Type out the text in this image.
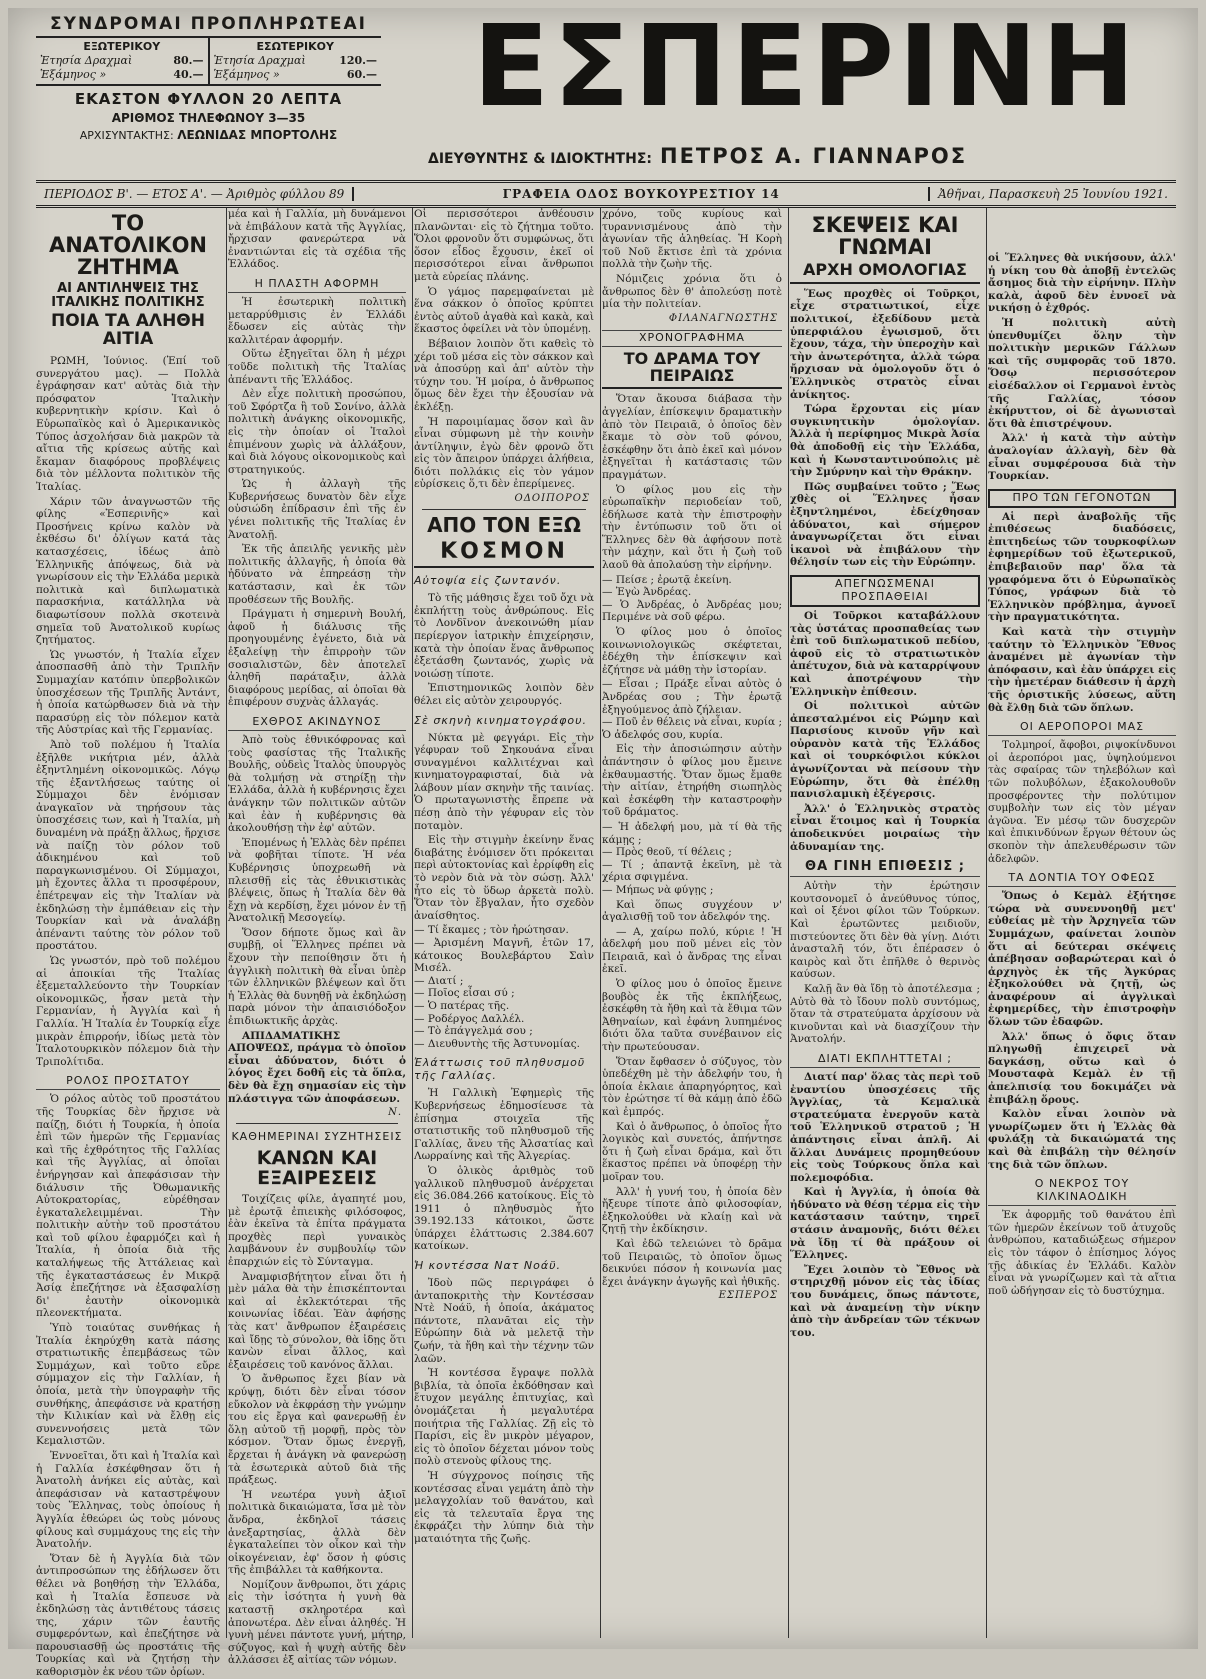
ΣΥΝΔΡΟΜΑΙ ΠΡΟΠΛΗΡΩΤΕΑΙ
ΕΞΩΤΕΡΙΚΟΥ
Ἐτησία Δραχμαὶ	80.—
Ἑξάμηνος »	40.—
ΕΣΩΤΕΡΙΚΟΥ
Ἐτησία Δραχμαὶ	120.—
Ἑξάμηνος »	60.—
ΕΚΑΣΤΟΝ ΦΥΛΛΟΝ 20 ΛΕΠΤΑ
ΑΡΙΘΜΟΣ ΤΗΛΕΦΩΝΟΥ 3—35
ΑΡΧΙΣΥΝΤΑΚΤΗΣ: ΛΕΩΝΙΔΑΣ ΜΠΟΡΤΟΛΗΣ
ΕΣΠΕΡΙΝΗ
ΔΙΕΥΘΥΝΤΗΣ & ΙΔΙΟΚΤΗΤΗΣ: ΠΕΤΡΟΣ Α. ΓΙΑΝΝΑΡΟΣ
ΠΕΡΙΟΔΟΣ Β'. — ΕΤΟΣ Α'. — Ἀριθμὸς φύλλου 89	ΓΡΑΦΕΙΑ ΟΔΟΣ ΒΟΥΚΟΥΡΕΣΤΙΟΥ 14	Ἀθῆναι, Παρασκευὴ 25 Ἰουνίου 1921.
ΤΟ ΑΝΑΤΟΛΙΚΟΝ ΖΗΤΗΜΑ
ΑΙ ΑΝΤΙΛΗΨΕΙΣ ΤΗΣ ΙΤΑΛΙΚΗΣ ΠΟΛΙΤΙΚΗΣ
ΠΟΙΑ ΤΑ ΑΛΗΘΗ ΑΙΤΙΑ

ΡΩΜΗ, Ἰούνιος. (Ἐπί τοῦ συνεργάτου μας). — Πολλὰ ἐγράφησαν κατ' αὐτὰς διὰ τὴν πρόσφατον Ἰταλικὴν κυβερνητικὴν κρίσιν. Καὶ ὁ Εὐρωπαϊκὸς καὶ ὁ Ἀμερικανικὸς Τύπος ἀσχολήσαν διὰ μακρῶν τὰ αἴτια τῆς κρίσεως αὐτῆς καὶ ἔκαμαν διαφόρους προβλέψεις διὰ τὸν μέλλοντα πολιτικὸν τῆς Ἰταλίας.

Χάριν τῶν ἀναγνωστῶν τῆς φίλης «Ἑσπερινῆς» καὶ Προσήνεις κρίνω καλὸν νὰ ἐκθέσω δι' ὀλίγων κατά τὰς κατασχέσεις, ἰδέως ἀπὸ Ἑλληνικῆς ἀπόψεως, διὰ νὰ γνωρίσουν εἰς τὴν Ἑλλάδα μερικὰ πολιτικὰ καὶ διπλωματικὰ παρασκήνια, κατάλληλα νὰ διαφωτίσουν πολλὰ σκοτεινὰ σημεῖα τοῦ Ἀνατολικοῦ κυρίως ζητήματος.

Ὡς γνωστόν, ἡ Ἰταλία εἶχεν ἀποσπασθῆ ἀπὸ τὴν Τριπλῆν Συμμαχίαν κατόπιν ὑπερβολικῶν ὑποσχέσεων τῆς Τριπλῆς Ἀντάντ, ἡ ὁποία κατώρθωσεν διὰ νὰ τὴν παρασύρῃ εἰς τὸν πόλεμον κατὰ τῆς Αὐστρίας καὶ τῆς Γερμανίας.

Ἀπὸ τοῦ πολέμου ἡ Ἰταλία ἐξῆλθε νικήτρια μέν, ἀλλὰ ἐξηντλημένη οἰκονομικῶς. Λόγῳ τῆς ἐξαντλήσεως ταύτης οἱ Σύμμαχοι δὲν ἐνόμισαν ἀναγκαῖον νὰ τηρήσουν τὰς ὑποσχέσεις των, καὶ ἡ Ἰταλία, μὴ δυναμένη νὰ πράξῃ ἄλλως, ἤρχισε νὰ παίζῃ τὸν ρόλον τοῦ ἀδικημένου καὶ τοῦ παραγκωνισμένου. Οἱ Σύμμαχοι, μὴ ἔχοντες ἄλλα τι προσφέρουν, ἐπέτρεψαν εἰς τὴν Ἰταλίαν νὰ ἐκδηλώσῃ τὴν ἐμπάθειαν εἰς τὴν Τουρκίαν καὶ νὰ ἀναλάβῃ ἀπέναντι ταύτης τὸν ρόλον τοῦ προστάτου.

Ὡς γνωστόν, πρὸ τοῦ πολέμου αἱ ἀποικίαι τῆς Ἰταλίας ἐξεμεταλλεύοντο τὴν Τουρκίαν οἰκονομικῶς, ἦσαν μετὰ τὴν Γερμανίαν, ἡ Ἀγγλία καὶ ἡ Γαλλία. Ἡ Ἰταλία ἐν Τουρκίᾳ εἶχε μικρὰν ἐπιρροήν, ἰδίως μετὰ τὸν Ἰταλοτουρκικὸν πόλεμον διὰ τὴν Τριπολίτιδα.

ΡΟΛΟΣ ΠΡΟΣΤΑΤΟΥ

Ὁ ρόλος αὐτὸς τοῦ προστάτου τῆς Τουρκίας δὲν ἤρχισε νὰ παίζῃ, διότι ἡ Τουρκία, ἡ ὁποία ἐπὶ τῶν ἡμερῶν τῆς Γερμανίας καὶ τῆς ἐχθρότητος τῆς Γαλλίας καὶ τῆς Ἀγγλίας, αἱ ὁποῖαι ἐνήργησαν καὶ ἀπεφάσισαν τὴν διάλυσιν τῆς Ὀθωμανικῆς Αὐτοκρατορίας, εὑρέθησαν ἐγκαταλελειμμέναι. Τὴν πολιτικὴν αὐτὴν τοῦ προστάτου καὶ τοῦ φίλου ἐφαρμόζει καὶ ἡ Ἰταλία, ἡ ὁποία διὰ τῆς καταλήψεως τῆς Ἀττάλειας καὶ τῆς ἐγκαταστάσεως ἐν Μικρᾷ Ἀσίᾳ ἐπεζήτησε νὰ ἐξασφαλίσῃ δι' ἑαυτὴν οἰκονομικὰ πλεονεκτήματα.

Ὑπὸ τοιαύτας συνθήκας ἡ Ἰταλία ἐκηρύχθη κατὰ πάσης στρατιωτικῆς ἐπεμβάσεως τῶν Συμμάχων, καὶ τοῦτο εὔρε σύμμαχον εἰς τὴν Γαλλίαν, ἡ ὁποία, μετὰ τὴν ὑπογραφὴν τῆς συνθήκης, ἀπεφάσισε νὰ κρατήσῃ τὴν Κιλικίαν καὶ νὰ ἔλθῃ εἰς συνεννοήσεις μετὰ τῶν Κεμαλιστῶν.

Ἐννοεῖται, ὅτι καὶ ἡ Ἰταλία καὶ ἡ Γαλλία ἐσκέφθησαν ὅτι ἡ Ἀνατολὴ ἀνήκει εἰς αὐτὰς, καὶ ἀπεφάσισαν νὰ καταστρέψουν τοὺς Ἕλληνας, τοὺς ὁποίους ἡ Ἀγγλία ἐθεώρει ὡς τοὺς μόνους φίλους καὶ συμμάχους της εἰς τὴν Ἀνατολήν.

Ὅταν δὲ ἡ Ἀγγλία διὰ τῶν ἀντιπροσώπων της ἐδήλωσεν ὅτι θέλει νὰ βοηθήσῃ τὴν Ἑλλάδα, καὶ ἡ Ἰταλία ἔσπευσε νὰ ἐκδηλώσῃ τὰς ἀντιθέτους τάσεις της, χάριν τῶν ἑαυτῆς συμφερόντων, καὶ ἐπεζήτησε νὰ παρουσιασθῇ ὡς προστάτις τῆς Τουρκίας καὶ νὰ ζητήσῃ τὴν καθορισμὸν ἐκ νέου τῶν ὁρίων.

μέα καὶ ἡ Γαλλία, μὴ δυνάμενοι νὰ ἐπιβάλουν κατὰ τῆς Ἀγγλίας, ἤρχισαν φανερώτερα νὰ ἐναντιώνται εἰς τὰ σχέδια τῆς Ἑλλάδος.

Η ΠΛΑΣΤΗ ΑΦΟΡΜΗ

Ἡ ἐσωτερικὴ πολιτικὴ μεταρρύθμισις ἐν Ἑλλάδι ἔδωσεν εἰς αὐτὰς τὴν καλλιτέραν ἀφορμήν.

Οὕτω ἐξηγεῖται ὅλη ἡ μέχρι τοῦδε πολιτικὴ τῆς Ἰταλίας ἀπέναντι τῆς Ἑλλάδος.

Δὲν εἶχε πολιτικὴ προσώπου, τοῦ Σφόρτζα ἢ τοῦ Σονίνο, ἀλλὰ πολιτικὴ ἀνάγκης οἰκονομικῆς, εἰς τὴν ὁποίαν οἱ Ἰταλοὶ ἐπιμένουν χωρὶς νὰ ἀλλάξουν, καὶ διὰ λόγους οἰκονομικοὺς καὶ στρατηγικούς.

Ὡς ἡ ἀλλαγὴ τῆς Κυβερνήσεως δυνατὸν δὲν εἶχε οὐσιώδη ἐπίδρασιν ἐπὶ τῆς ἐν γένει πολιτικῆς τῆς Ἰταλίας ἐν Ἀνατολῇ.

Ἐκ τῆς ἀπειλῆς γενικῆς μὲν πολιτικῆς ἀλλαγῆς, ἡ ὁποία θὰ ἠδύνατο νὰ ἐπηρεάσῃ τὴν κατάστασιν, καὶ ἐκ τῶν προθέσεων τῆς Βουλῆς.

Πράγματι ἡ σημερινὴ Βουλή, ἀφοῦ ἡ διάλυσις τῆς προηγουμένης ἐγένετο, διὰ νὰ ἐξαλείψῃ τὴν ἐπιρροὴν τῶν σοσιαλιστῶν, δὲν ἀποτελεῖ ἀληθῆ παράταξιν, ἀλλὰ διαφόρους μερίδας, αἱ ὁποῖαι θὰ ἐπιφέρουν συχνὰς ἀλλαγάς.

ΕΧΘΡΟΣ ΑΚΙΝΔΥΝΟΣ

Ἀπὸ τοὺς ἐθνικόφρονας καὶ τοὺς φασίστας τῆς Ἰταλικῆς Βουλῆς, οὐδεὶς Ἰταλὸς ὑπουργὸς θὰ τολμήσῃ νὰ στηρίξῃ τὴν Ἑλλάδα, ἀλλὰ ἡ κυβέρνησις ἔχει ἀνάγκην τῶν πολιτικῶν αὐτῶν καὶ ἐὰν ἡ κυβέρνησις θὰ ἀκολουθήσῃ τὴν ἐφ' αὐτῶν.

Ἐπομένως ἡ Ἑλλὰς δὲν πρέπει νὰ φοβῆται τίποτε. Ἡ νέα Κυβέρνησις ὑποχρεωθῆ νὰ πλεισθῇ εἰς τὰς ἐθνικιστικὰς βλέψεις, ὅπως ἡ Ἰταλία δὲν θὰ ἔχῃ νὰ κερδίσῃ, ἔχει μόνον ἐν τῇ Ἀνατολικῇ Μεσογείῳ.

Ὅσον δήποτε ὅμως καὶ ἂν συμβῇ, οἱ Ἕλληνες πρέπει νὰ ἔχουν τὴν πεποίθησιν ὅτι ἡ ἀγγλικὴ πολιτικὴ θὰ εἶναι ὑπὲρ τῶν ἐλληνικῶν βλέψεων καὶ ὅτι ἡ Ἑλλὰς θὰ δυνηθῇ νὰ ἐκδηλώσῃ παρὰ μόνον τὴν ἀπαισιόδοξον ἐπιδιωκτικῆς ἀρχὰς.

ΑΠΙΔΑΜΑΤΙΚΗΣ ΑΠΟΨΕΩΣ, πράγμα τὸ ὁποῖον εἶναι ἀδύνατον, διότι ὁ λόγος ἔχει δοθῆ εἰς τὰ ὅπλα, δὲν θὰ ἔχῃ σημασίαν εἰς τὴν πλάστιγγα τῶν ἀποφάσεων.

Ν.
ΚΑΘΗΜΕΡΙΝΑΙ ΣΥΖΗΤΗΣΕΙΣ
ΚΑΝΩΝ ΚΑΙ ΕΞΑΙΡΕΣΕΙΣ

Τοιχίζεις φίλε, ἀγαπητέ μου, μὲ ἐρωτᾷ ἐπιεικὴς φιλόσοφος, ἐὰν ἐκεῖνα τὰ ἐπίτα πράγματα προχθὲς περὶ γυναικὸς λαμβάνουν ἐν συμβουλίῳ τῶν ἐπαρχιών εἰς τὸ Σύνταγμα.

Ἀναμφισβήτητον εἶναι ὅτι ἡ μὲν μάλα θὰ τὴν ἐπισκέπτονται καὶ αἱ ἐκλεκτότεραι τῆς κοινωνίας ἰδέαι. Ἐὰν ἀφήσῃς τὰς κατ' ἄνθρωπον ἐξαιρέσεις καὶ ἴδῃς τὸ σύνολον, θὰ ἰδῃς ὅτι κανὼν εἶναι ἄλλος, καὶ ἐξαιρέσεις τοῦ κανόνος ἄλλαι.

Ὁ ἄνθρωπος ἔχει βίαν νὰ κρύψῃ, διότι δὲν εἶναι τόσον εὔκολον νὰ ἐκφράσῃ τὴν γνώμην του εἰς ἔργα καὶ φανερωθῇ ἐν ὅλῃ αὐτοῦ τῇ μορφῇ, πρὸς τὸν κόσμον. Ὅταν ὅμως ἐνεργῇ, ἔρχεται ἡ ἀνάγκη νὰ φανερώσῃ τὰ ἐσωτερικὰ αὐτοῦ διὰ τῆς πράξεως.

Ἡ νεωτέρα γυνὴ ἀξιοῖ πολιτικὰ δικαιώματα, ἴσα μὲ τὸν ἄνδρα, ἐκδηλοῖ τάσεις ἀνεξαρτησίας, ἀλλὰ δὲν ἐγκαταλείπει τὸν οἶκον καὶ τὴν οἰκογένειαν, ἐφ' ὅσον ἡ φύσις τῆς ἐπιβάλλει τὰ καθήκοντα.

Νομίζουν ἄνθρωποι, ὅτι χάρις εἰς τὴν ἰσότητα ἡ γυνὴ θὰ καταστῇ σκληροτέρα καὶ ἀπονωτέρα. Δὲν εἶναι ἀληθές. Ἡ γυνὴ μένει πάντοτε γυνή, μήτηρ, σύζυγος, καὶ ἡ ψυχὴ αὐτῆς δὲν ἀλλάσσει ἐξ αἰτίας τῶν νόμων.

Οἱ περισσότεροι ἀνθέουσιν πλανῶνται· εἰς τὸ ζήτημα τοῦτο. Ὅλοι φρονοῦν ὅτι συμφώνως, ὅτι ὅσον εἶδος ἔχουσιν, ἐκεῖ οἱ περισσότεροι εἶναι ἄνθρωποι μετὰ εὐρείας πλάνης.

Ὁ γάμος παρεμφαίνεται μὲ ἕνα σάκκον ὁ ὁποῖος κρύπτει ἐντὸς αὐτοῦ ἀγαθὰ καὶ κακὰ, καὶ ἕκαστος ὀφείλει νὰ τὸν ὑπομένῃ.

Βέβαιον λοιπὸν ὅτι καθεὶς τὸ χέρι τοῦ μέσα εἰς τὸν σάκκον καὶ νὰ ἀποσύρῃ καὶ ἀπ' αὐτὸν τὴν τύχην του. Ἡ μοίρα, ὁ ἄνθρωπος ὅμως δὲν ἔχει τὴν ἐξουσίαν νὰ ἐκλέξῃ.

Ἡ παροιμίαμας ὅσον καὶ ἂν εἶναι σύμφωνη μὲ τὴν κοινὴν ἀντίληψιν, ἐγὼ δὲν φρονῶ ὅτι εἰς τὸν ἄπειρον ὑπάρχει ἀλήθεια, διότι πολλάκις εἰς τὸν γάμον εὑρίσκεις ὅ,τι δὲν ἐπερίμενες.

ΟΔΟΙΠΟΡΟΣ
ΑΠΟ ΤΟΝ ΕΞΩ
ΚΟΣΜΟΝ
Αὐτοψία εἰς ζωντανόν.

Τὸ τῆς μάθησις ἔχει τοῦ ὄχι νὰ ἐκπλήττῃ τοὺς ἀνθρώπους. Εἰς τὸ Λονδῖνον ἀνεκοινώθη μίαν περίεργον ἰατρικὴν ἐπιχείρησιν, κατὰ τὴν ὁποίαν ἕνας ἄνθρωπος ἐξετάσθη ζωντανός, χωρὶς νὰ νοιώσῃ τίποτε.

Ἐπιστημονικῶς λοιπὸν δὲν θέλει εἰς αὐτὸν χειρουργός.

Σὲ σκηνὴ κινηματογράφου.

Νύκτα μὲ φεγγάρι. Εἰς τὴν γέφυραν τοῦ Σηκουάνα εἶναι συναγμένοι καλλιτέχναι καὶ κινηματογραφισταί, διὰ νὰ λάβουν μίαν σκηνὴν τῆς ταινίας. Ὁ πρωταγωνιστὴς ἔπρεπε νὰ πέσῃ ἀπὸ τὴν γέφυραν εἰς τὸν ποταμὸν.

Εἰς τὴν στιγμὴν ἐκείνην ἕνας διαβάτης ἐνόμισεν ὅτι πρόκειται περὶ αὐτοκτονίας καὶ ἐρρίφθη εἰς τὸ νερὸν διὰ νὰ τὸν σώσῃ. Ἀλλ' ἦτο εἰς τὸ ὕδωρ ἀρκετὰ πολὺ. Ὅταν τὸν ἔβγαλαν, ἦτο σχεδὸν ἀναίσθητος.

— Τί ἔκαμες ; τὸν ἠρώτησαν.
— Ἀρισμένη Μαγνῆ, ἐτῶν 17, κάτοικος Βουλεβάρτου Σαὶν Μισέλ.
— Διατί ;
— Ποῖος εἶσαι σύ ;
— Ὁ πατέρας τῆς.
— Ροδέργος Δαλλέλ.
— Τὸ ἐπάγγελμά σου ;
— Διευθυντὴς τῆς Ἀστυνομίας.

Ἐλάττωσις τοῦ πληθυσμοῦ τῆς Γαλλίας.

Ἡ Γαλλικὴ Ἐφημερὶς τῆς Κυβερνήσεως ἐδημοσίευσε τὰ ἐπίσημα στοιχεῖα τῆς στατιστικῆς τοῦ πληθυσμοῦ τῆς Γαλλίας, ἄνευ τῆς Ἀλσατίας καὶ Λωρραίνης καὶ τῆς Ἀλγερίας.

Ὁ ὁλικὸς ἀριθμὸς τοῦ γαλλικοῦ πληθυσμοῦ ἀνέρχεται εἰς 36.084.266 κατοίκους. Εἰς τὸ 1911 ὁ πληθυσμὸς ἦτο 39.192.133 κάτοικοι, ὥστε ὑπάρχει ἐλάττωσις 2.384.607 κατοίκων.

Ἡ κοντέσσα Νατ Νοάϋ.

Ἰδοὺ πῶς περιγράφει ὁ ἀνταποκριτὴς τὴν Κοντέσσαν Ντὲ Νοάϋ, ἡ ὁποία, ἀκάματος πάντοτε, πλανᾶται εἰς τὴν Εὐρώπην διὰ νὰ μελετᾷ τὴν ζωήν, τὰ ἤθη καὶ τὴν τέχνην τῶν λαῶν.

Ἡ κοντέσσα ἔγραψε πολλὰ βιβλία, τὰ ὁποῖα ἐκδόθησαν καὶ ἔτυχον μεγάλης ἐπιτυχίας, καὶ ὀνομάζεται ἡ μεγαλυτέρα ποιήτρια τῆς Γαλλίας. Ζῇ εἰς τὸ Παρίσι, εἰς ἓν μικρὸν μέγαρον, εἰς τὸ ὁποῖον δέχεται μόνον τοὺς πολὺ στενοὺς φίλους της.

Ἡ σύγχρονος ποίησις τῆς κοντέσσας εἶναι γεμάτη ἀπὸ τὴν μελαγχολίαν τοῦ θανάτου, καὶ εἰς τὰ τελευταῖα ἔργα της ἐκφράζει τὴν λύπην διὰ τὴν ματαιότητα τῆς ζωῆς.

χρόνο, τοῦς κυρίους καὶ τυραννισμένους ἀπὸ τὴν ἀγωνίαν τῆς ἀληθείας. Ἡ Κορὴ τοῦ Νοῦ ἔκτισε ἐπὶ τὰ χρόνια πολλὰ τὴν ζωὴν τῆς.

Νόμιζεις χρόνια ὅτι ὁ ἄνθρωπος δὲν θ' ἀπολεύσῃ ποτὲ μία τὴν πολιτείαν.

ΦΙΛΑΝΑΓΝΩΣΤΗΣ
ΧΡΟΝΟΓΡΑΦΗΜΑ
ΤΟ ΔΡΑΜΑ ΤΟΥ ΠΕΙΡΑΙΩΣ

Ὅταν ἄκουσα διάβασα τὴν ἀγγελίαν, ἐπίσκεψιν δραματικὴν ἀπὸ τὸν Πειραιᾶ, ὁ ὁποῖος δὲν ἔκαμε τὸ σὸν τοῦ φόνου, ἐσκέφθην ὅτι ἀπὸ ἐκεῖ καὶ μόνον ἐξηγεῖται ἡ κατάστασις τῶν πραγμάτων.

Ὁ φίλος μου εἰς τὴν εὐρωπαϊκὴν περιοδείαν τοῦ, ἐδήλωσε κατὰ τὴν ἐπιστροφὴν τὴν ἐντύπωσιν τοῦ ὅτι οἱ Ἕλληνες δὲν θὰ ἀφήσουν ποτὲ τὴν μάχην, καὶ ὅτι ἡ ζωὴ τοῦ λαοῦ θὰ ἀπολαύσῃ τὴν εἰρήνην.

— Πείσε ; ἐρωτᾷ ἐκείνη.
— Ἐγὼ Ἀνδρέας.
— Ὁ Ἀνδρέας, ὁ Ἀνδρέας μου; Περιμένε νὰ σοῦ φέρω.

Ὁ φίλος μου ὁ ὁποῖος κοινωνιολογικῶς σκέφτεται, ἐδέχθη τὴν ἐπίσκεψιν καὶ ἐζήτησε νὰ μάθῃ τὴν ἱστορίαν.

— Εἶσαι ; Πράξε εἶναι αὐτὸς ὁ Ἀνδρέας σου ; Τὴν ἐρωτᾷ ἐξηγούμενος ἀπὸ ζήλειαν.
— Ποῦ ἐν θέλεις νὰ εἶναι, κυρία ; Ὁ ἀδελφός σου, κυρία.

Εἰς τὴν ἀποσιώπησιν αὐτὴν ἀπάντησιν ὁ φίλος μου ἔμεινε ἐκθαυμαστής. Ὅταν ὅμως ἔμαθε τὴν αἰτίαν, ἐτηρήθη σιωπηλὸς καὶ ἐσκέφθη τὴν καταστροφὴν τοῦ δράματος.

— Ἡ ἀδελφή μου, μὰ τί θὰ τῆς κάμῃς ;
— Πρὸς θεοῦ, τί θέλεις ;
— Τί ; ἀπαντᾷ ἐκεῖνη, μὲ τὰ χέρια σφιγμένα.
— Μήπως νὰ φύγῃς ;

Καὶ ὅπως συγχέουν ν' ἀγαλισθῇ τοῦ τον ἀδελφόν της.

— Α, χαίρω πολύ, κύριε ! Ἡ ἀδελφή μου ποῦ μένει εἰς τὸν Πειραιᾶ, καὶ ὁ ἄνδρας της εἶναι ἐκεῖ.

Ὁ φίλος μου ὁ ὁποῖος ἔμεινε βουβὸς ἐκ τῆς ἐκπλήξεως, ἐσκέφθη τὰ ἤθη καὶ τὰ ἔθιμα τῶν Ἀθηναίων, καὶ ἐφάνη λυπημένος διότι ὅλα ταῦτα συνέβαινον εἰς τὴν πρωτεύουσαν.

Ὅταν ἔφθασεν ὁ σύζυγος, τὸν ὑπεδέχθη μὲ τὴν ἀδελφήν του, ἡ ὁποία ἐκλαιε ἀπαρηγόρητος, καὶ τὸν ἐρώτησε τί θὰ κάμῃ ἀπὸ ἐδῶ καὶ ἐμπρός.

Καὶ ὁ ἄνθρωπος, ὁ ὁποῖος ἦτο λογικὸς καὶ συνετός, ἀπήντησε ὅτι ἡ ζωὴ εἶναι δράμα, καὶ ὅτι ἕκαστος πρέπει νὰ ὑποφέρῃ τὴν μοῖραν του.

Ἀλλ' ἡ γυνή του, ἡ ὁποία δὲν ἤξευρε τίποτε ἀπὸ φιλοσοφίαν, ἐξηκολούθει νὰ κλαίῃ καὶ νὰ ζητῇ τὴν ἐκδίκησιν.

Καὶ ἐδῶ τελειώνει τὸ δρᾶμα τοῦ Πειραιῶς, τὸ ὁποῖον ὅμως δεικνύει πόσον ἡ κοινωνία μας ἔχει ἀνάγκην ἀγωγῆς καὶ ἠθικῆς.

ΕΣΠΕΡΟΣ
ΣΚΕΨΕΙΣ ΚΑΙ ΓΝΩΜΑΙ
ΑΡΧΗ ΟΜΟΛΟΓΙΑΣ

Ἕως προχθὲς οἱ Τοῦρκοι, εἶχε στρατιωτικοί, εἶχε πολιτικοί, ἐξεδίδουν μετὰ ὑπερφιάλου ἐγωισμοῦ, ὅτι ἔχουν, τάχα, τὴν ὑπεροχὴν καὶ τὴν ἀνωτερότητα, ἀλλὰ τώρα ἤρχισαν νὰ ὁμολογοῦν ὅτι ὁ Ἑλληνικὸς στρατὸς εἶναι ἀνίκητος.

Τώρα ἔρχονται εἰς μίαν συγκινητικὴν ὁμολογίαν. Ἀλλὰ ἡ περίφημος Μικρὰ Ἀσία θὰ ἀποδοθῇ εἰς τὴν Ἑλλάδα, καὶ ἡ Κωνσταντινούπολις μὲ τὴν Σμύρνην καὶ τὴν Θράκην.

Πῶς συμβαίνει τοῦτο ; Ἕως χθὲς οἱ Ἕλληνες ἦσαν ἐξηντλημένοι, ἐδείχθησαν ἀδύνατοι, καὶ σήμερον ἀναγνωρίζεται ὅτι εἶναι ἱκανοὶ νὰ ἐπιβάλουν τὴν θέλησίν των εἰς τὴν Εὐρώπην.

ΑΠΕΓΝΩΣΜΕΝΑΙ ΠΡΟΣΠΑΘΕΙΑΙ

Οἱ Τοῦρκοι καταβάλλουν τὰς ὑστάτας προσπαθείας των ἐπὶ τοῦ διπλωματικοῦ πεδίου, ἀφοῦ εἰς τὸ στρατιωτικὸν ἀπέτυχον, διὰ νὰ καταρρίψουν καὶ ἀποτρέψουν τὴν Ἑλληνικὴν ἐπίθεσιν.

Οἱ πολιτικοὶ αὐτῶν ἀπεσταλμένοι εἰς Ρώμην καὶ Παρισίους κινοῦν γῆν καὶ οὐρανὸν κατὰ τῆς Ἑλλάδος καὶ οἱ τουρκόφιλοι κύκλοι ἀγωνίζονται νὰ πείσουν τὴν Εὐρώπην, ὅτι θὰ ἐπέλθῃ πανισλαμικὴ ἐξέγερσις.

Ἀλλ' ὁ Ἑλληνικὸς στρατὸς εἶναι ἕτοιμος καὶ ἡ Τουρκία ἀποδεικνύει μοιραίως τὴν ἀδυναμίαν της.

ΘΑ ΓΙΝΗ ΕΠΙΘΕΣΙΣ ;

Αὐτὴν τὴν ἐρώτησιν κουτσονομεῖ ὁ ἀνεύθυνος τύπος, καὶ οἱ ξένοι φίλοι τῶν Τούρκων. Καὶ ἐρωτῶντες μειδιοῦν, πιστεύοντες ὅτι δὲν θὰ γίνῃ. Διότι ἀνασταλῆ τόν, ὅτι ἐπέρασεν ὁ καιρὸς καὶ ὅτι ἐπῆλθε ὁ θερινὸς καύσων.

Καλῇ ἂν θὰ ἴδῃ τὸ ἀποτέλεσμα ; Αὐτὸ θὰ τὸ ἴδουν πολὺ συντόμως, ὅταν τὰ στρατεύματα ἀρχίσουν νὰ κινοῦνται καὶ νὰ διασχίζουν τὴν Ἀνατολήν.

ΔΙΑΤΙ ΕΚΠΛΗΤΤΕΤΑΙ ;

Διατί παρ' ὅλας τὰς περὶ τοῦ ἐναντίου ὑποσχέσεις τῆς Ἀγγλίας, τὰ Κεμαλικὰ στρατεύματα ἐνεργοῦν κατὰ τοῦ Ἑλληνικοῦ στρατοῦ ; Ἡ ἀπάντησις εἶναι ἁπλῆ. Αἱ ἄλλαι Δυνάμεις προμηθεύουν εἰς τοὺς Τούρκους ὅπλα καὶ πολεμοφόδια.

Καὶ ἡ Ἀγγλία, ἡ ὁποία θὰ ἠδύνατο νὰ θέσῃ τέρμα εἰς τὴν κατάστασιν ταύτην, τηρεῖ στάσιν ἀναμονῆς, διότι θέλει νὰ ἴδῃ τί θὰ πράξουν οἱ Ἕλληνες.

Ἔχει λοιπὸν τὸ Ἔθνος νὰ στηριχθῇ μόνον εἰς τὰς ἰδίας του δυνάμεις, ὅπως πάντοτε, καὶ νὰ ἀναμείνῃ τὴν νίκην ἀπὸ τὴν ἀνδρείαν τῶν τέκνων του.

οἱ Ἕλληνες θὰ νικήσουν, ἀλλ' ἡ νίκη του θὰ ἀποβῇ ἐντελῶς ἄσημος διὰ τὴν εἰρήνην. Πλὴν καλὰ, ἀφοῦ δὲν ἐννοεῖ νὰ νικήσῃ ὁ ἐχθρός.

Ἡ πολιτικὴ αὐτὴ ὑπενθυμίζει ὅλην τὴν πολιτικὴν μερικῶν Γάλλων καὶ τῆς συμφορᾶς τοῦ 1870. Ὅσῳ περισσότερον εἰσέδαλλον οἱ Γερμανοὶ ἐντὸς τῆς Γαλλίας, τόσον ἐκήρυττον, οἱ δὲ ἀγωνισταὶ ὅτι θὰ ἐπιστρέψουν.

Ἀλλ' ἡ κατὰ τὴν αὐτὴν ἀναλογίαν ἀλλαγὴ, δὲν θὰ εἶναι συμφέρουσα διὰ τὴν Τουρκίαν.

ΠΡΟ ΤΩΝ ΓΕΓΟΝΟΤΩΝ

Αἱ περὶ ἀναβολῆς τῆς ἐπιθέσεως διαδόσεις, ἐπιτηδείως τῶν τουρκοφίλων ἐφημερίδων τοῦ ἐξωτερικοῦ, ἐπιβεβαιοῦν παρ' ὅλα τὰ γραφόμενα ὅτι ὁ Εὐρωπαϊκὸς Τύπος, γράφων διὰ τὸ Ἑλληνικὸν πρόβλημα, ἀγνοεῖ τὴν πραγματικότητα.

Καὶ κατὰ τὴν στιγμὴν ταύτην τὸ Ἑλληνικὸν Ἔθνος ἀναμένει μὲ ἀγωνίαν τὴν ἀπόφασιν, καὶ ἐὰν ὑπάρχει εἰς τὴν ἡμετέραν διάθεσιν ἡ ἀρχὴ τῆς ὁριστικῆς λύσεως, αὕτη θὰ ἔλθῃ διὰ τῶν ὅπλων.

ΟΙ ΑΕΡΟΠΟΡΟΙ ΜΑΣ

Τολμηροί, ἄφοβοι, ριψοκίνδυνοι οἱ ἀεροπόροι μας, ὑψηλούμενοι τὰς σφαίρας τῶν τηλεβόλων καὶ τῶν πολυβόλων, ἐξακολουθοῦν προσφέροντες τὴν πολύτιμον συμβολὴν των εἰς τὸν μέγαν ἀγῶνα. Ἐν μέσῳ τῶν δυσχερῶν καὶ ἐπικινδύνων ἔργων θέτουν ὡς σκοπὸν τὴν ἀπελευθέρωσιν τῶν ἀδελφῶν.

ΤΑ ΔΟΝΤΙΑ ΤΟΥ ΟΦΕΩΣ

Ὅπως ὁ Κεμὰλ ἐξήτησε τώρα νὰ συνεννοηθῇ μετ' εὐθείας μὲ τὴν Ἀρχηγεῖα τῶν Συμμάχων, φαίνεται λοιπὸν ὅτι αἱ δεύτεραι σκέψεις ἀπέβησαν σοβαρώτεραι καὶ ὁ ἀρχηγὸς ἐκ τῆς Ἀγκύρας ἐξηκολούθει νὰ ζητῇ, ὡς ἀναφέρουν αἱ ἀγγλικαὶ ἐφημερίδες, τὴν ἐπιστροφὴν ὅλων τῶν ἐδαφῶν.

Ἀλλ' ὅπως ὁ ὄφις ὅταν πληγωθῇ ἐπιχειρεῖ νὰ δαγκάσῃ, οὕτω καὶ ὁ Μουσταφὰ Κεμὰλ ἐν τῇ ἀπελπισίᾳ του δοκιμάζει νὰ ἐπιβάλῃ ὅρους.

Καλὸν εἶναι λοιπὸν νὰ γνωρίζωμεν ὅτι ἡ Ἑλλὰς θὰ φυλάξῃ τὰ δικαιώματά της καὶ θὰ ἐπιβάλῃ τὴν θέλησίν της διὰ τῶν ὅπλων.

Ο ΝΕΚΡΟΣ ΤΟΥ ΚΙΛΚΙΝΑΟΔΙΚΗ

Ἐκ ἀφορμῆς τοῦ θανάτου ἐπὶ τῶν ἡμερῶν ἐκείνων τοῦ ἀτυχοῦς ἀνθρώπου, καταδιώξεως σήμερον εἰς τὸν τάφον ὁ ἐπίσημος λόγος τῆς ἀδικίας ἐν Ἐλλάδι. Καλὸν εἶναι νὰ γνωρίζωμεν καὶ τὰ αἴτια ποῦ ὡδήγησαν εἰς τὸ δυστύχημα.
